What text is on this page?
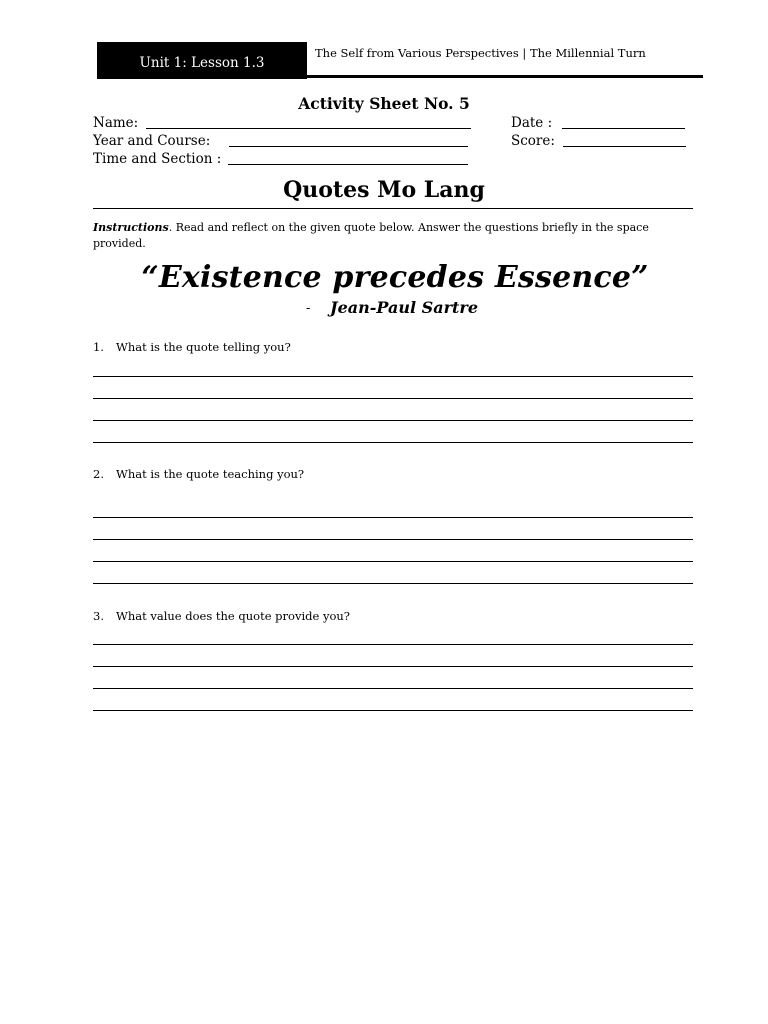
Unit 1: Lesson 1.3
The Self from Various Perspectives | The Millennial Turn
Activity Sheet No. 5
Name:	Date :
Year and Course:	Score:
Time and Section :
Quotes Mo Lang
Instructions. Read and reflect on the given quote below. Answer the questions briefly in the space provided.
“Existence precedes Essence”
- Jean-Paul Sartre
1. What is the quote telling you?
2. What is the quote teaching you?
3. What value does the quote provide you?
